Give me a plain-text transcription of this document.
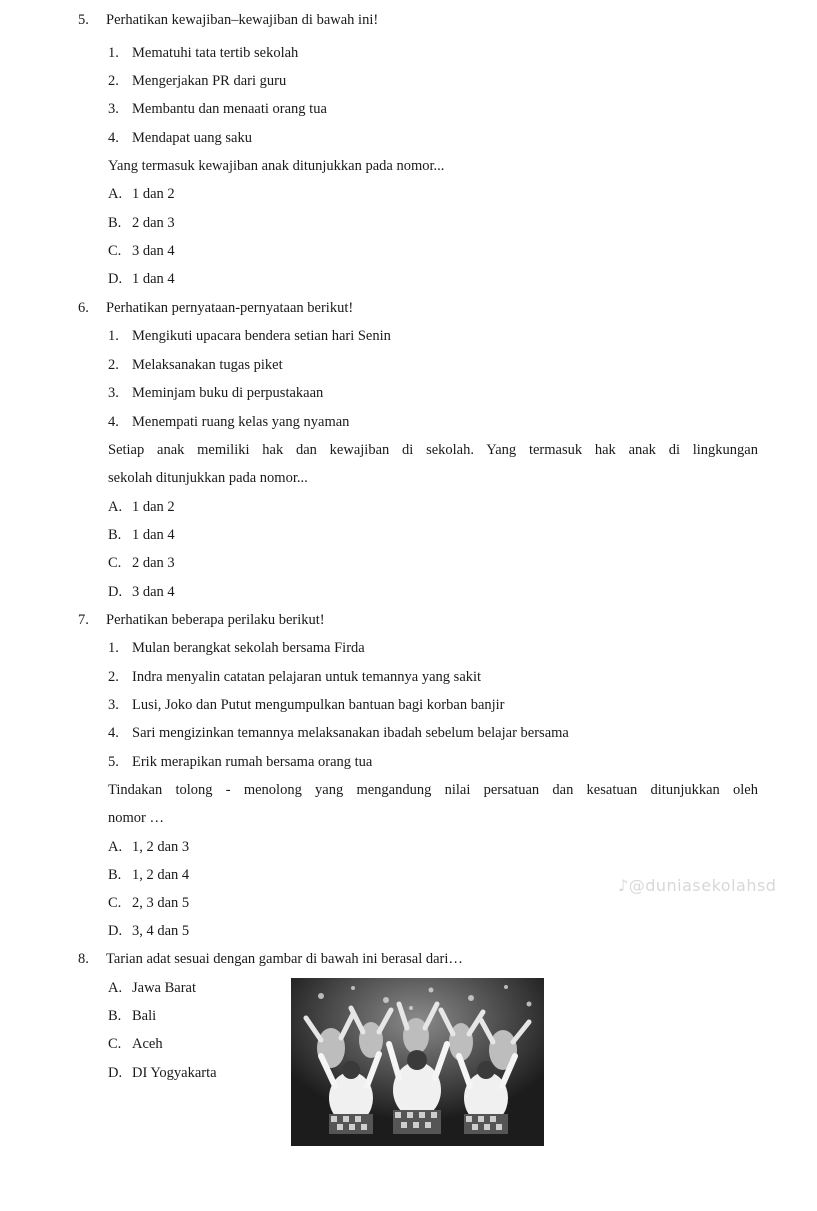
5. Perhatikan kewajiban–kewajiban di bawah ini!
1. Mematuhi tata tertib sekolah
2. Mengerjakan PR dari guru
3. Membantu dan menaati orang tua
4. Mendapat uang saku
Yang termasuk kewajiban anak ditunjukkan pada nomor...
A. 1 dan 2
B. 2 dan 3
C. 3 dan 4
D. 1 dan 4
6. Perhatikan pernyataan-pernyataan berikut!
1. Mengikuti upacara bendera setian hari Senin
2. Melaksanakan tugas piket
3. Meminjam buku di perpustakaan
4. Menempati ruang kelas yang nyaman
Setiap anak memiliki hak dan kewajiban di sekolah. Yang termasuk hak anak di lingkungan
sekolah ditunjukkan pada nomor...
A. 1 dan 2
B. 1 dan 4
C. 2 dan 3
D. 3 dan 4
7. Perhatikan beberapa perilaku berikut!
1. Mulan berangkat sekolah bersama Firda
2. Indra menyalin catatan pelajaran untuk temannya yang sakit
3. Lusi, Joko dan Putut mengumpulkan bantuan bagi korban banjir
4. Sari mengizinkan temannya melaksanakan ibadah sebelum belajar bersama
5. Erik merapikan rumah bersama orang tua
Tindakan tolong - menolong yang mengandung nilai persatuan dan kesatuan ditunjukkan oleh
nomor …
A. 1, 2 dan 3
B. 1, 2 dan 4
C. 2, 3 dan 5
D. 3, 4 dan 5
♪@duniasekolahsd
8. Tarian adat sesuai dengan gambar di bawah ini berasal dari…
A. Jawa Barat
B. Bali
C. Aceh
D. DI Yogyakarta
